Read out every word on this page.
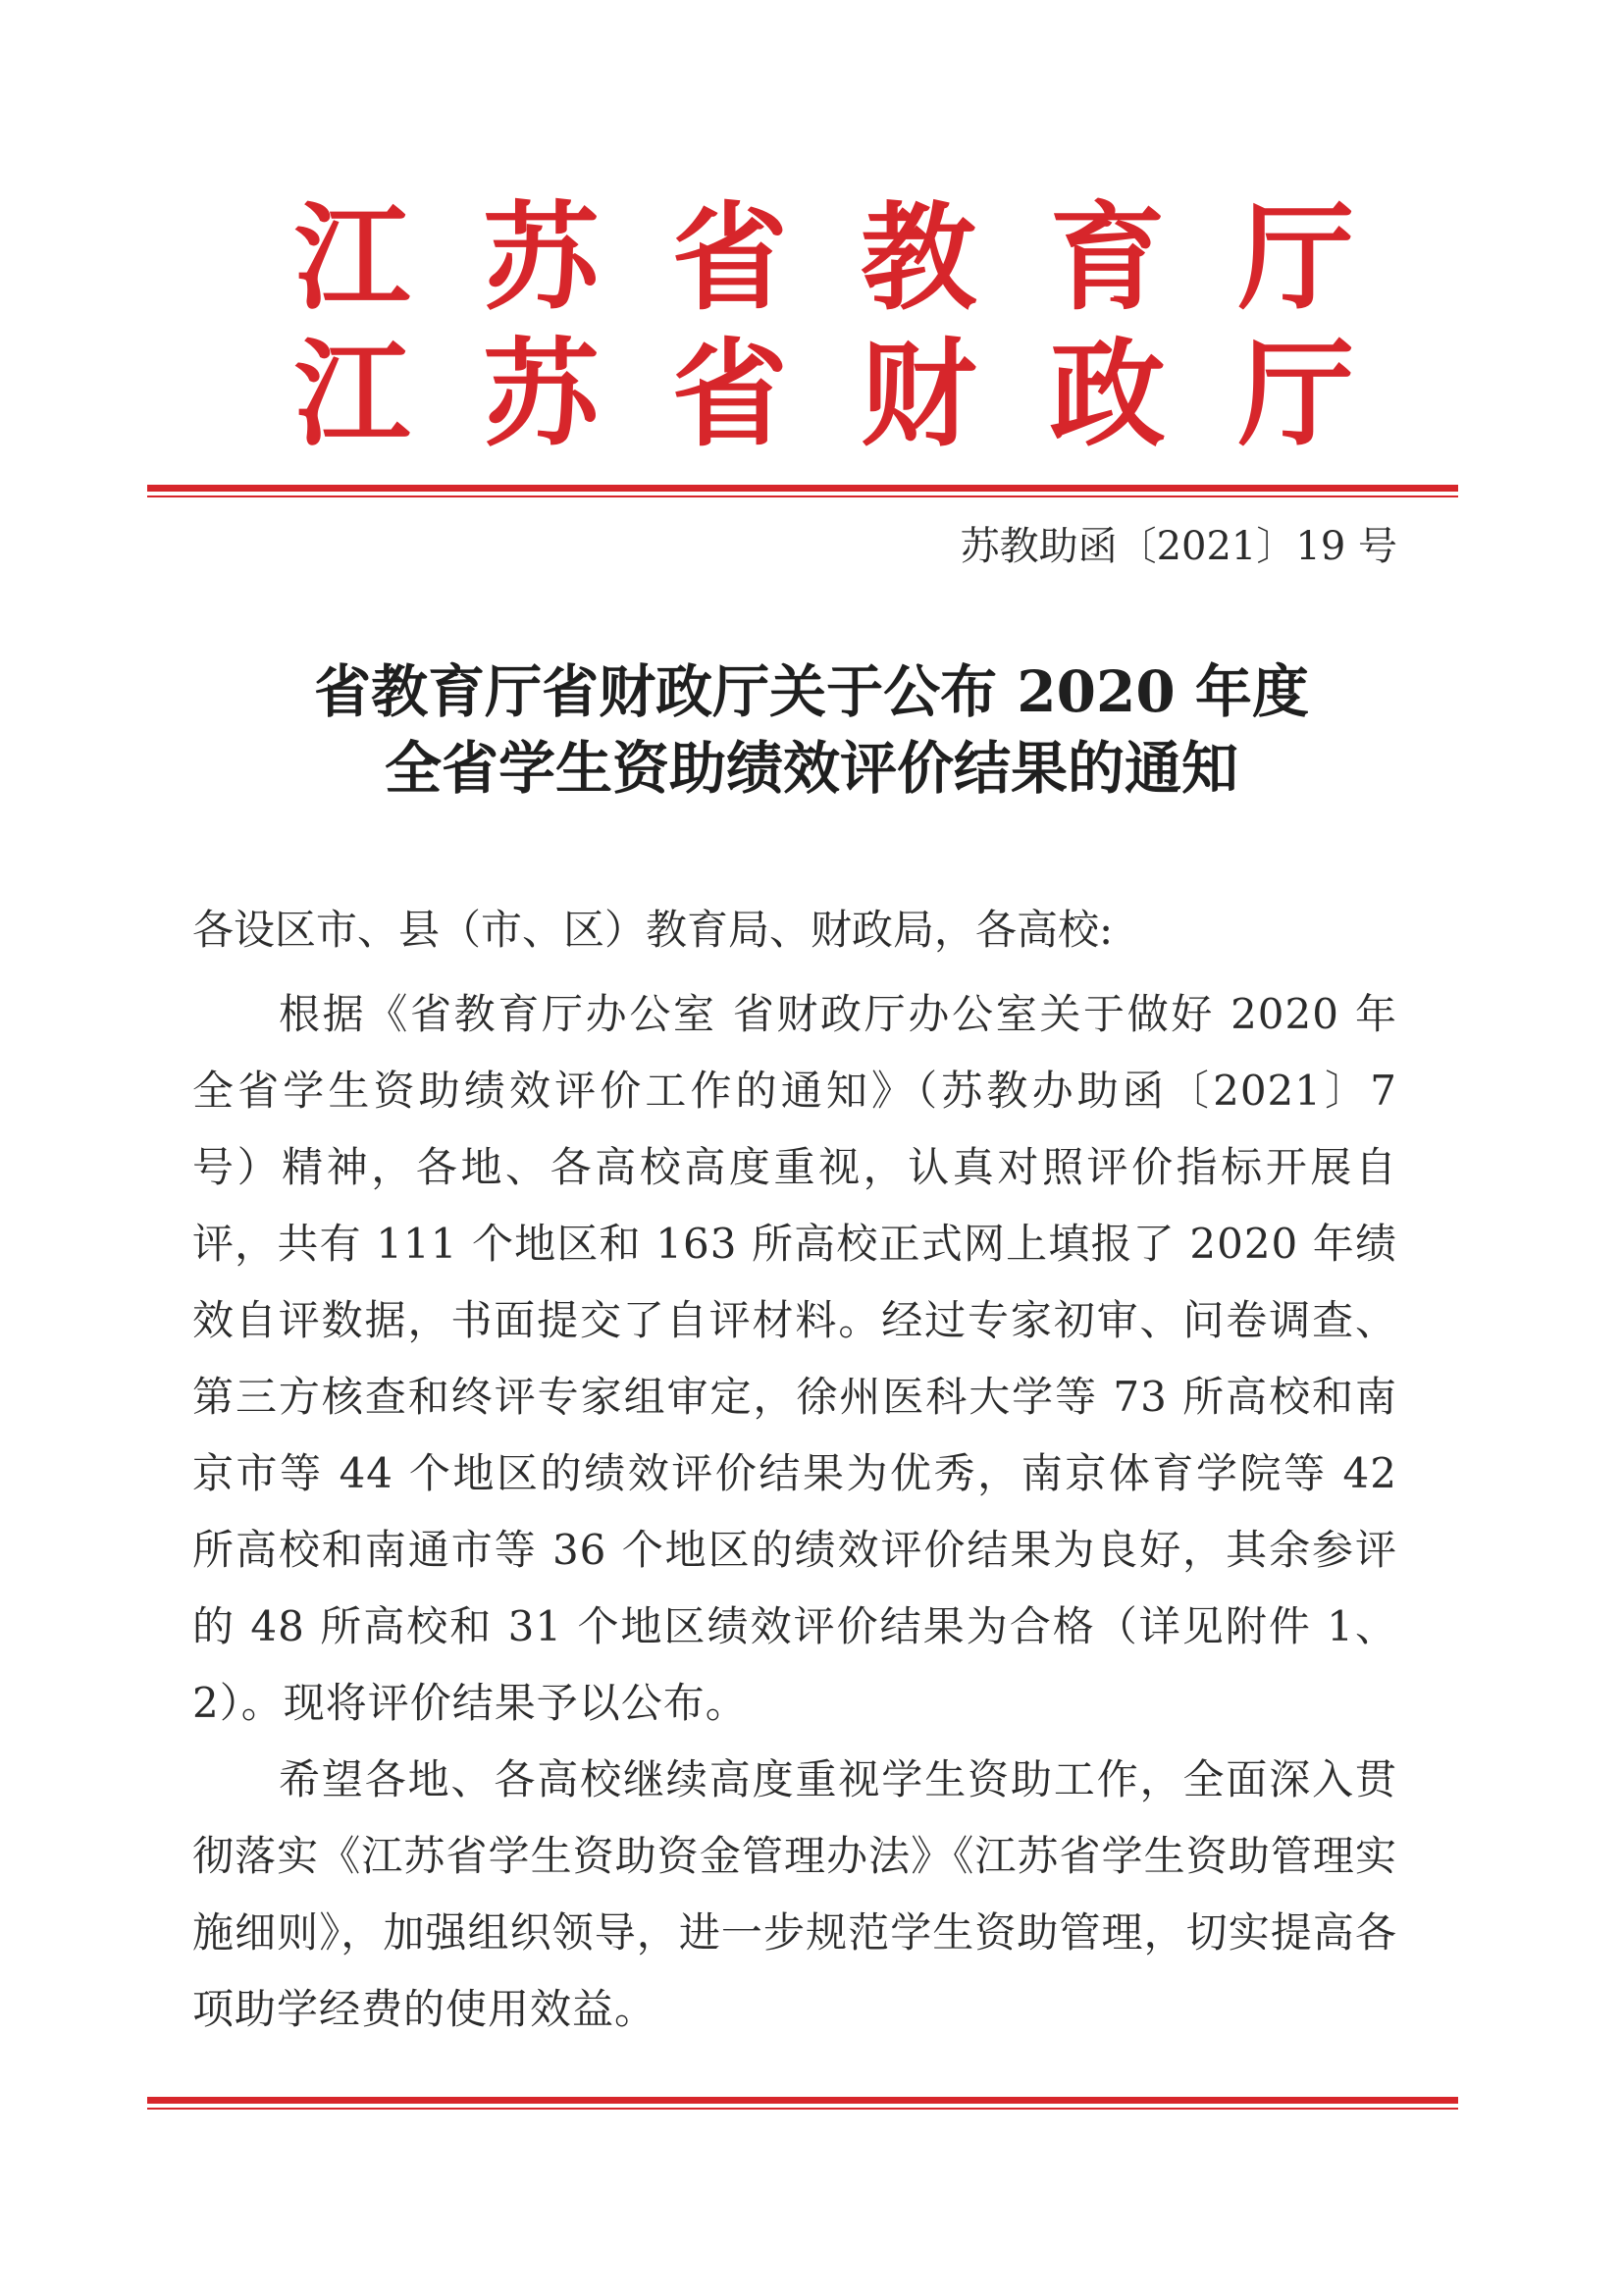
江 苏 省 教 育 厅
江 苏 省 财 政 厅
苏教助函〔2021〕19 号
省教育厅省财政厅关于公布 2020 年度
全省学生资助绩效评价结果的通知
各设区市、县（市、区）教育局、财政局，各高校:

根据《省教育厅办公室 省财政厅办公室关于做好 2020 年全省学生资助绩效评价工作的通知》（苏教办助函〔2021〕7 号）精神，各地、各高校高度重视，认真对照评价指标开展自评，共有 111 个地区和 163 所高校正式网上填报了 2020 年绩效自评数据，书面提交了自评材料。经过专家初审、问卷调查、第三方核查和终评专家组审定，徐州医科大学等 73 所高校和南京市等 44 个地区的绩效评价结果为优秀，南京体育学院等 42 所高校和南通市等 36 个地区的绩效评价结果为良好，其余参评的 48 所高校和 31 个地区绩效评价结果为合格（详见附件 1、2）。现将评价结果予以公布。

希望各地、各高校继续高度重视学生资助工作，全面深入贯彻落实《江苏省学生资助资金管理办法》《江苏省学生资助管理实施细则》，加强组织领导，进一步规范学生资助管理，切实提高各项助学经费的使用效益。
